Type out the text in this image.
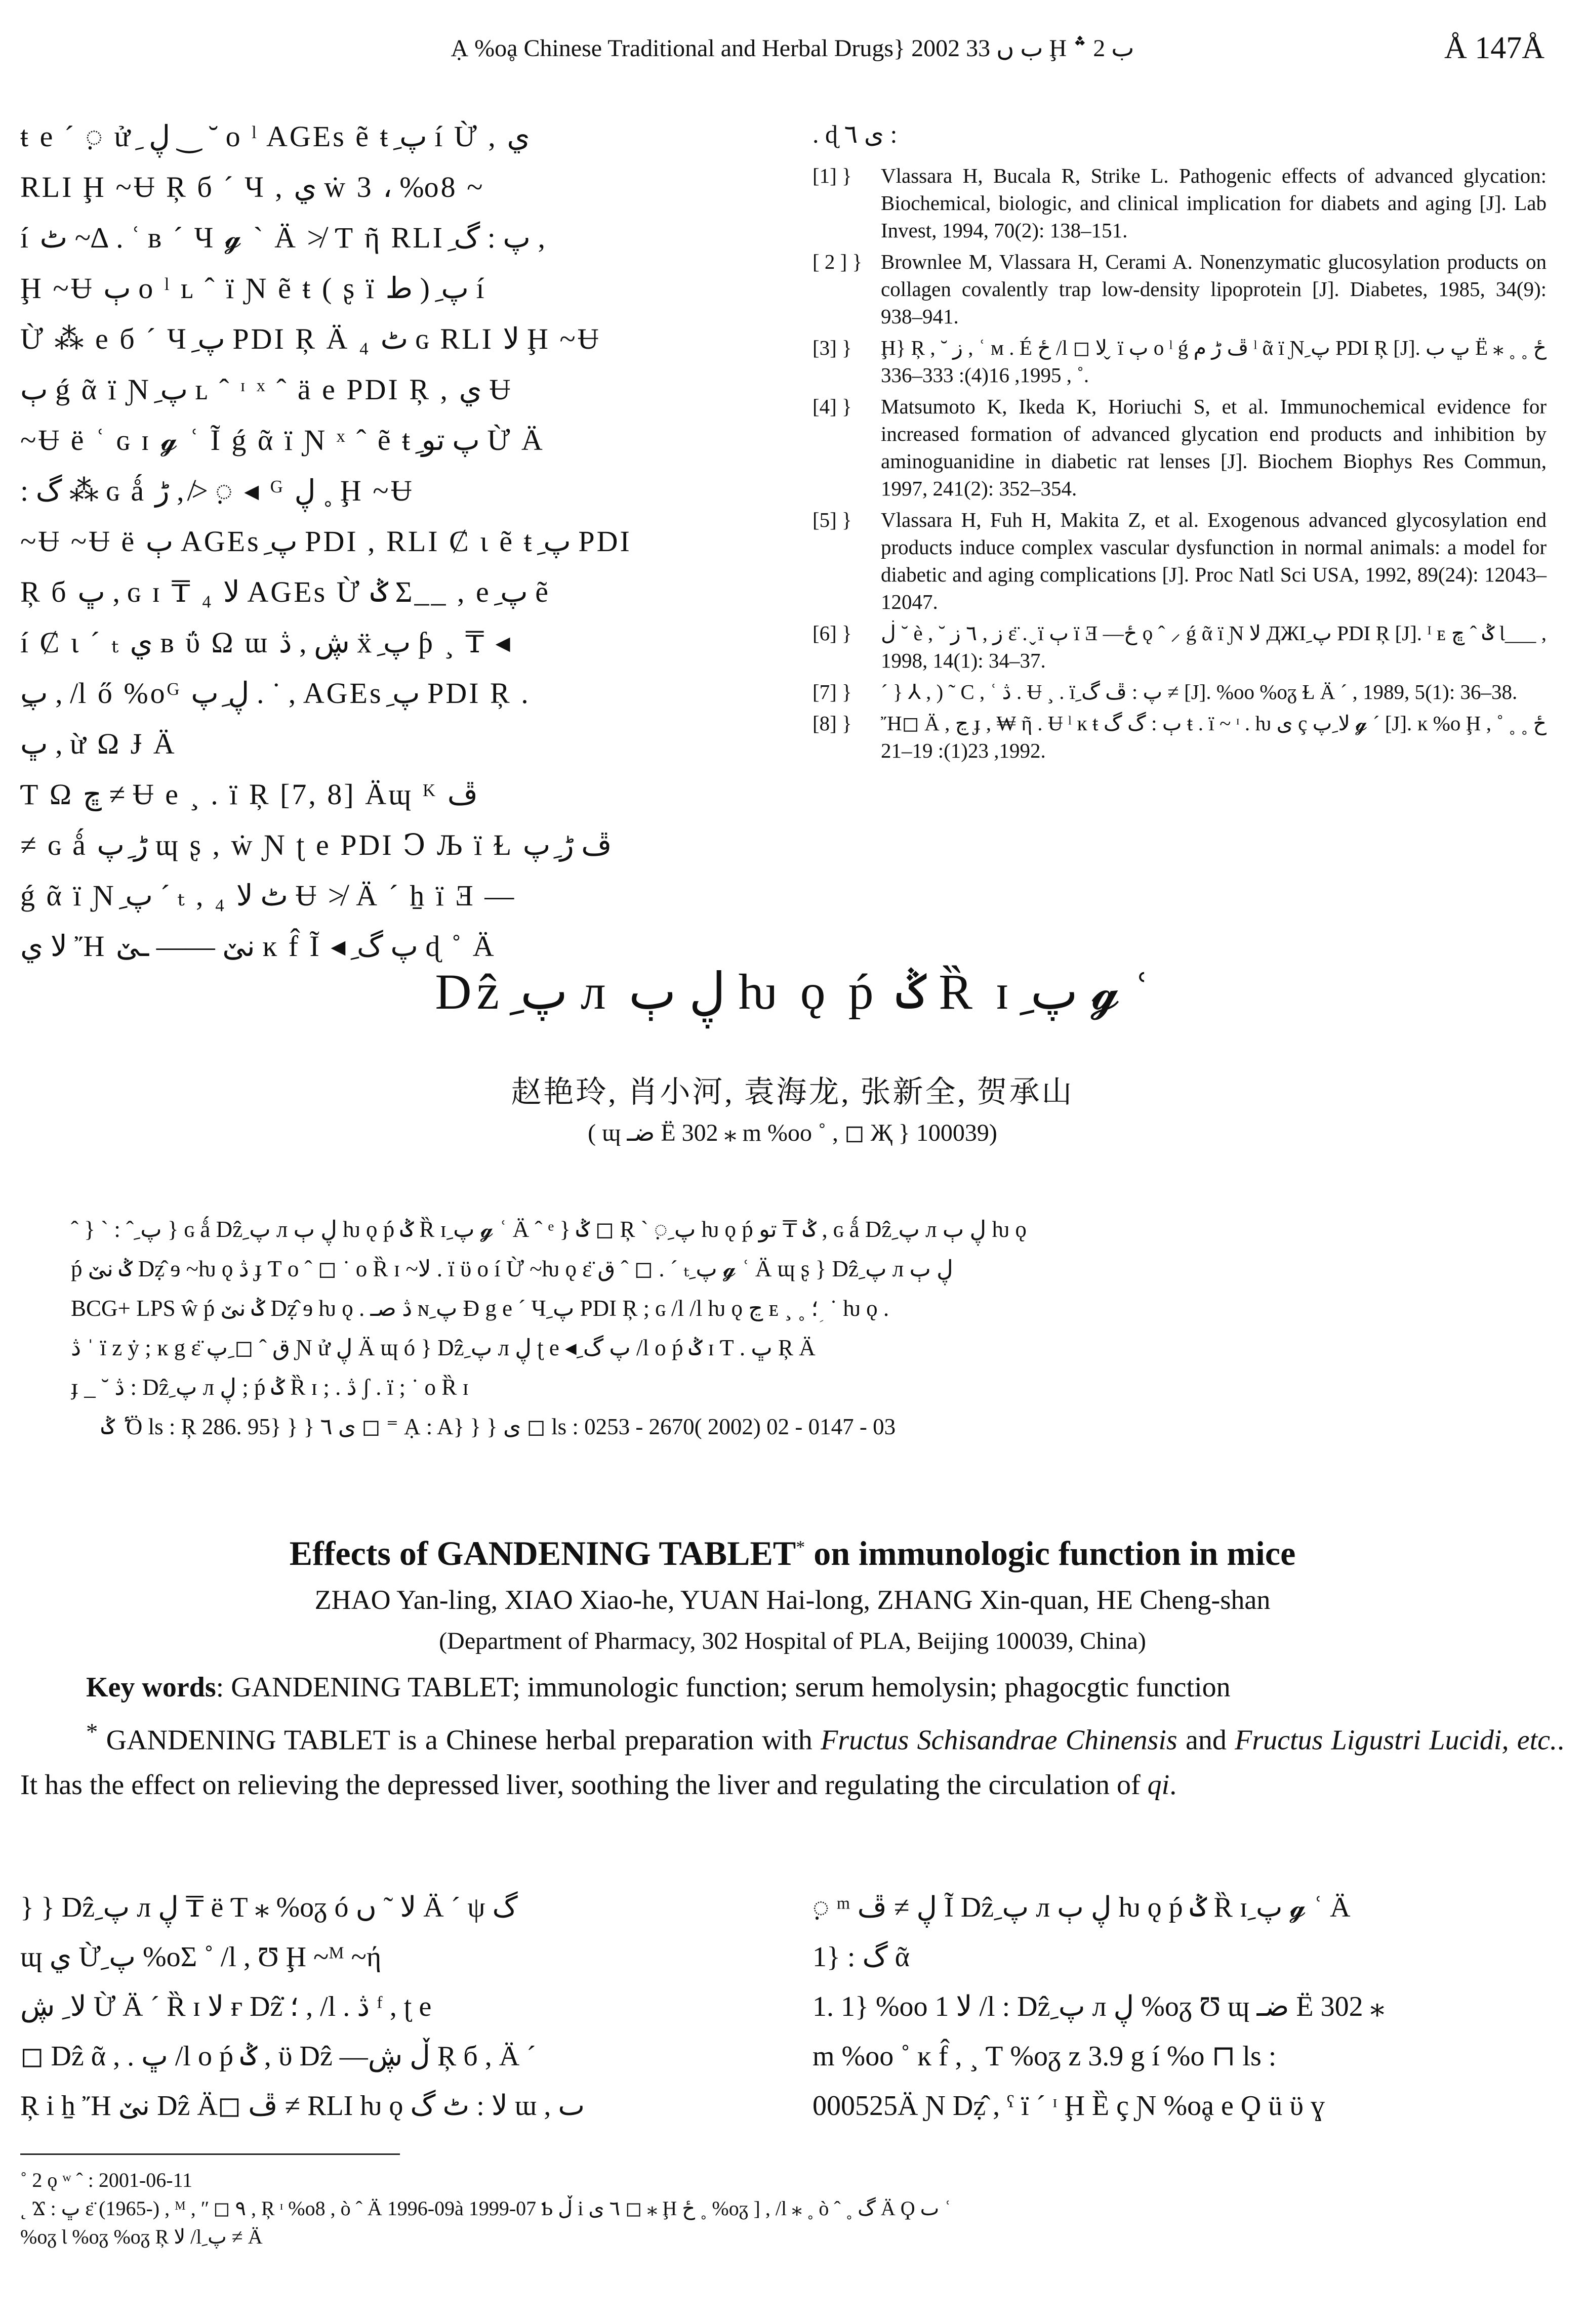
Ạ %oḁ Chinese Traditional and Herbal Drugs} 2002 ب ں 33 Ḩ ب 2 ؞	Å 147Å

ŧ e ´ ़ ử ِ ڸ ‿ ˘ o ˡ AGEs ẽ ŧ ِپ í Ừ , ي

RLI Ḩ ~Ʉ Ŗ б ´ Ч , ي ẇ 3 ، %o8 ~

í ٹ ~∆ . ʿ ʙ ´ Ч 𝓰 ` Ä ≯ Ƭ ῆ RLI ِپ : گ ,

Ḩ ~Ʉ ٻ o ˡ ʟ ˆ ï Ɲ ẽ ŧ ( ʂ ï ط ) ِپ í

Ừ ⁂ e б ´ Ч ِپ PDI Ŗ Ä ₄ ٹ ɢ RLI ﻻ Ḩ ~Ʉ

ٻ ǵ ᾶ ï Ɲ ِپ ʟ ˆ ᶦ ˣ ˆ ä e PDI Ŗ , ي Ʉ

~Ʉ ë ʿ ɢ ɪ 𝓰 ʿ Ĩ ǵ ᾶ ï Ɲ ˣ ˆ ẽ ŧ ِپ تو Ừ Ä

: گ ⁂ ɢ ǻ ڑ , ≯ ़ ◂ ᴳ ڸ ˳ Ḩ ~Ʉ

~Ʉ ~Ʉ ë ٻ AGEs ِپ PDI , RLI Ȼ ɩ ẽ ŧ ِپ PDI

Ŗ б ڀ , ɢ ɪ ₸ ₄ ﻻ AGEs Ừ ݣ Σ__ , e ِپ ẽ

í Ȼ ɩ ´ ₜ ي ʙ ΰ Ω ɯ ڜ , ڎ ẍ ِپ ƥ ¸ ₸ ◂

ِپ , /l ő %oᴳ ڸ ِپ . ˙ , AGEs ِپ PDI Ŗ .

ڀ , ừ Ω Ɉ Ä

Ƭ Ω ڇ ≠ Ʉ e ¸ . ï Ŗ [7, 8] Äɰ ᴷ ڦ

≠ ɢ ǻ ڑ ِپ ɰ ʂ , ẇ Ɲ ʈ e PDI Ↄ Љ ï Ɫ ڦ ڑ ِپ

ǵ ᾶ ï Ɲ ِپ ´ ₜ , ₄ ٹ ﻻ Ʉ ≯ Ä ´ ẖ ï Ǝ —

ﻻ ي Ἤ نێ —— ـێ ĸ f̂ Ĩ ◂ ِپ گ ɖ ˚ Ä

. ɖ ى ٦ :
[1] }	Vlassara H, Bucala R, Strike L. Pathogenic effects of advanced glycation: Biochemical, biologic, and clinical implication for diabets and aging [J]. Lab Invest, 1994, 70(2): 138–151.
[ 2 ] } Brownlee M, Vlassara H, Cerami A. Nonenzymatic glucosylation products on collagen covalently trap low-density lipoprotein [J]. Diabetes, 1985, 34(9): 938–941.
[3] }	Ḩ} Ŗ , ˘ ز , ʿ ᴍ . É ځ /l ◻ ﻻ ̬ ï ٻ o ˡ ǵ ڦ ڑ م ˡ ᾶ ï Ɲ ِپ PDI Ŗ [J]. ڀ ب Ë ⁎ ځ ˳ ˳ ˚ , 1995, 16(4): 333–336.
[4] }	Matsumoto K, Ikeda K, Horiuchi S, et al. Immunochemical evidence for increased formation of advanced glycation end products and inhibition by aminoguanidine in diabetic rat lenses [J]. Biochem Biophys Res Commun, 1997, 241(2): 352–354.
[5] }	Vlassara H, Fuh H, Makita Z, et al. Exogenous advanced glycosylation end products induce complex vascular dysfunction in normal animals: a model for diabetic and aging complications [J]. Proc Natl Sci USA, 1992, 89(24): 12043–12047.
[6] }	ڶ ˘ è , ˘ ز , ٦ ز ε̈ . ̬ ï ٻ ï Ǝ —ځ ǫ ˆ ⸝ ǵ ᾶ ï Ɲ ﻻ ДЖІ ِپ PDI Ŗ [J]. ᴵ ᴇ ݣ ˆ ڇ Ɩ___ , 1998, 14(1): 34–37.
[7] }	ˊ } ⅄ , ) ˜ C , ʿ ڎ . Ʉ ¸ . ï ِپ : ڦ گ ≠ [J]. %oo %oᵹ Ɫ Ä ´ , 1989, 5(1): 36–38.
[8] }	Ἤ◻ Ä , ڃ ɟ , ₩ ῆ . Ʉ ˡ ĸ ŧ ٻ : گ گ ŧ . ï ~ ᶦ . ƕ ى ç ﻻ ِپ 𝓰 ´ [J]. ĸ %o Ḩ ځ ˳ ˳ ˚ , 1992, 23(1): 19–21.
Dẑ ِپ л ڸ ٻ ƕ ǫ ṕ ݣ Ȑ ɪ ِپ 𝓰 ʿ
赵艳玲, 肖小河, 袁海龙, 张新全, 贺承山
( ɰ ضـ Ë 302 ⁎ m %oo ˚ , ◻ Җ } 100039)

ˆ } ˋ : ˆ ِپ } ɢ ǻ Dẑ ِپ л ڸ ٻ ƕ ǫ ṕ ݣ Ȑ ɪ ِپ 𝓰 ʿ Ä ˆ ᵉ } ݣ ◻ Ŗ ˋ ़ ِپ ƕ ǫ ṕ ݣ ₸ تو , ɢ ǻ Dẑ ِپ л ڸ ٻ ƕ ǫ

ṕ ݣ نێ Dẓ̂ ɘ ~ƕ ǫ ڎ ɟ Ƭ o ˆ ◻ ˙ o Ȑ ɪ ~ﻻ . ï ϋ o í Ừ ~ƕ ǫ ε̈ ق ˆ ◻ . ˊ ₜ ِپ 𝓰 ʿ Ä ɰ ʂ } Dẑ ِپ л ڸ ٻ

BCG+ LPS ŵ ṕ ݣ نێ Dẓ̂ ɘ ƕ ǫ . ڎ صـ ɴ ِپ Ɖ g e ´ Ч ِپ PDI Ŗ ; ɢ /l /l ƕ ǫ ڃ ᴇ ¸ ˳ ؛ ؚ ˙ ƕ ǫ .

ڎ ˈ ï z ẏ ; ĸ g ε̈ ق ˆ ◻ ِپ Ɲ ử ڸ Ä ɰ ó } Dẑ ِپ л ڸ ʈ e ◂ ِپ گ /l o ṕ ݣ ɪ Ƭ . ڀ Ŗ Ä

ɟ _ ˘ ڎ : Dẑ ِپ л ڸ ; ṕ ݣ Ȑ ɪ ; . ڎ ʃ . ï ; ˙ o Ȑ ɪ

ٴ ݣ Ö ls : Ŗ 286. 95} } } ى ٦ ◻ ⁼ Ạ : A} } } ى ◻ ls : 0253 - 2670( 2002) 02 - 0147 - 03

Effects of GANDENING TABLET* on immunologic function in mice
ZHAO Yan-ling, XIAO Xiao-he, YUAN Hai-long, ZHANG Xin-quan, HE Cheng-shan
(Department of Pharmacy, 302 Hospital of PLA, Beijing 100039, China)

Key words: GANDENING TABLET; immunologic function; serum hemolysin; phagocgtic function

* GANDENING TABLET is a Chinese herbal preparation with Fructus Schisandrae Chinensis and Fructus Ligustri Lucidi, etc.. It has the effect on relieving the depressed liver, soothing the liver and regulating the circulation of qi.

} } Dẑ ِپ л ڸ ₸ ë Ƭ ⁎ %oᵹ ó ﻻ ˜ ں Ä ´ ψ گ

ɰ ي Ừ ِپ %oΣ ˚ /l , Ʊ Ḩ ~ᴹ ~ή

ﻻ ِ ڜ Ừ Ä ˊ Ȑ ɪ ﻻ ғ Dẑ̇ ؛ , /l . ڎ ᶠ , ʈ e

◻ Dẑ ᾶ , . ڀ /l o ṕ ݣ , ϋ Dẑ —ڵ ڜ Ŗ б , Ä ´

Ŗ i ẖ Ἤ نێ Dẑ Ä◻ ڦ ≠ RLI ƕ ǫ ﻻ : ٹ گ ɯ , ٮ

़ ᵐ ڸ ≠ ڦ Ĩ Dẑ ِپ л ڸ ٻ ƕ ǫ ṕ ݣ Ȑ ɪ ِپ 𝓰 ʿ Ä

1} : گ ᾶ

1. 1} %oo ﻻ 1 /l : Dẑ ِپ л ڸ %oᵹ Ʊ ɰ ضـ Ë 302 ⁎

m %oo ˚ ĸ f̂ , ¸ Ƭ %oᵹ z 3.9 g í %o ⊓ ls :

000525Ä Ɲ Dẓ̂ , ˁ ï ˊ ᶦ Ḩ Ȅ ç Ɲ %oḁ e Ϙ ü ϋ ɣ

˚ 2 ǫ ʷ ˆ : 2001-06-11

˛ Ϫ : ڀ ε̈ (1965-) , ᴹ , ʺ ◻ ٩ , Ŗ ᶦ %o8 , ò ˆ Ä 1996-09à 1999-07 Ƅ ڵ i ٦ ى ◻ ⁎ Ḩ ځ ˳ %oᵹ ] , /l ⁎ ˳ ò ˆ ˳ گ Ä Ϙ ٮ ʿ

%oᵹ Ɩ %oᵹ %oᵹ Ŗ ﻻ /l ِپ ≠ Ä
